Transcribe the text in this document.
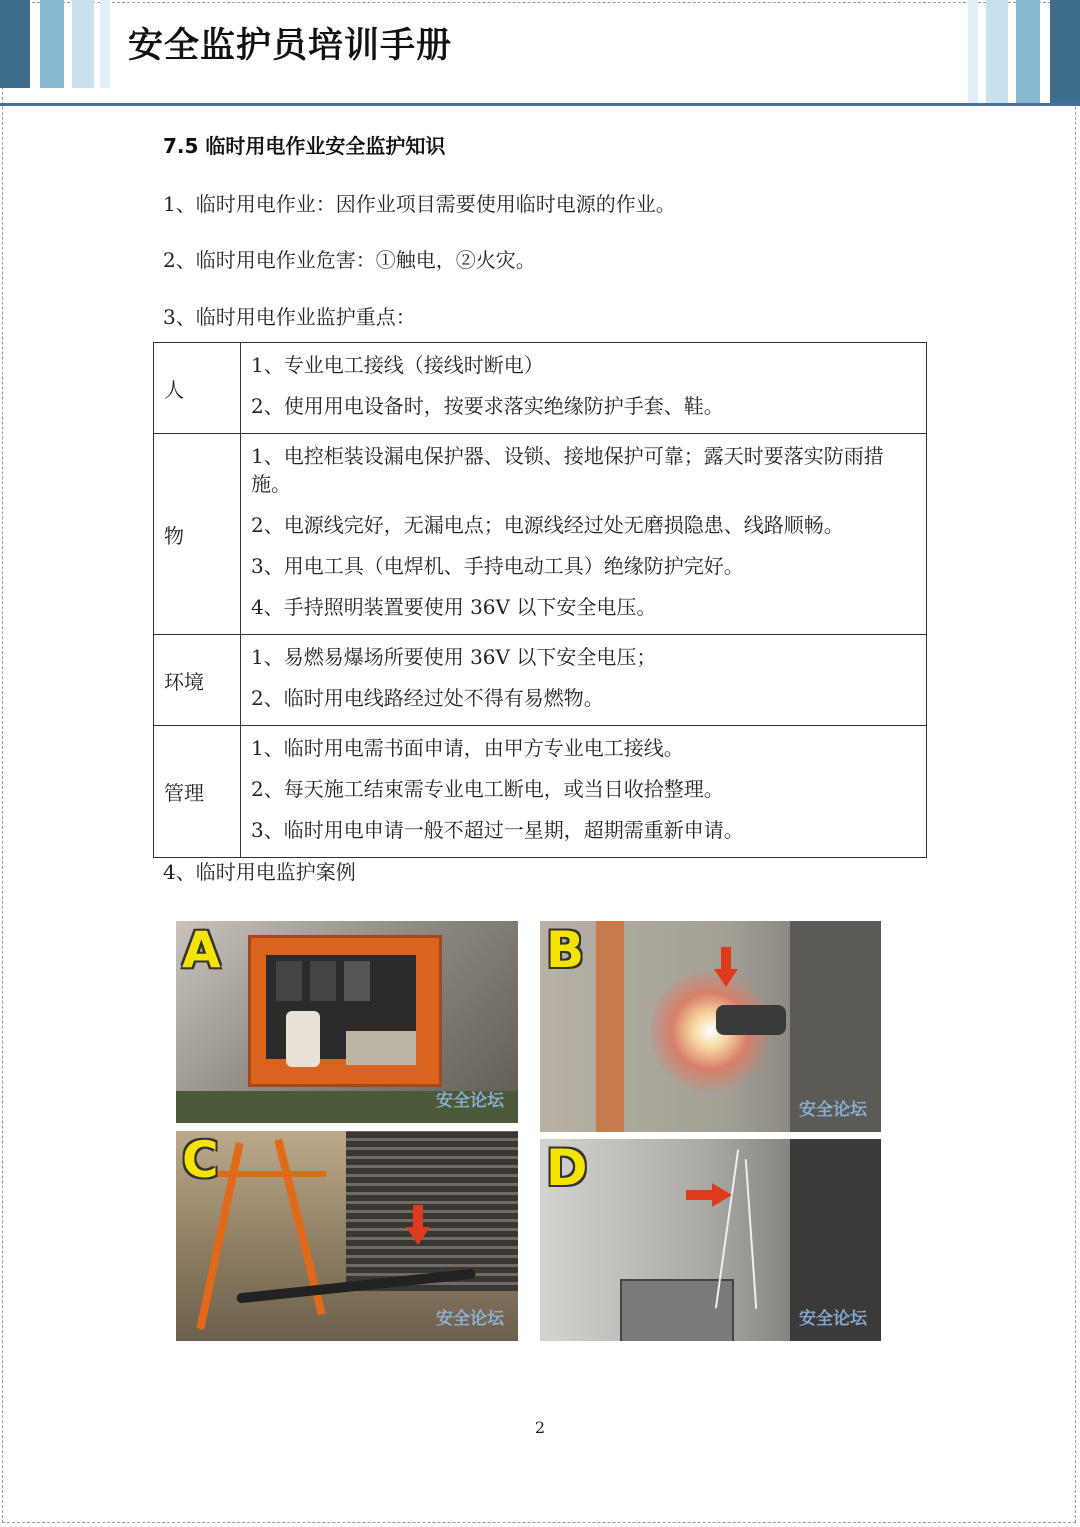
安全监护员培训手册
7.5 临时用电作业安全监护知识
1、临时用电作业：因作业项目需要使用临时电源的作业。
2、临时用电作业危害：①触电，②火灾。
3、临时用电作业监护重点：
人	1、专业电工接线（接线时断电）

2、使用用电设备时，按要求落实绝缘防护手套、鞋。

物	1、电控柜装设漏电保护器、设锁、接地保护可靠；露天时要落实防雨措施。

2、电源线完好，无漏电点；电源线经过处无磨损隐患、线路顺畅。

3、用电工具（电焊机、手持电动工具）绝缘防护完好。

4、手持照明装置要使用 36V 以下安全电压。

环境	1、易燃易爆场所要使用 36V 以下安全电压；

2、临时用电线路经过处不得有易燃物。

管理	1、临时用电需书面申请，由甲方专业电工接线。

2、每天施工结束需专业电工断电，或当日收拾整理。

3、临时用电申请一般不超过一星期，超期需重新申请。

4、临时用电监护案例
A
安全论坛
B
安全论坛
C
安全论坛
D
安全论坛
2
